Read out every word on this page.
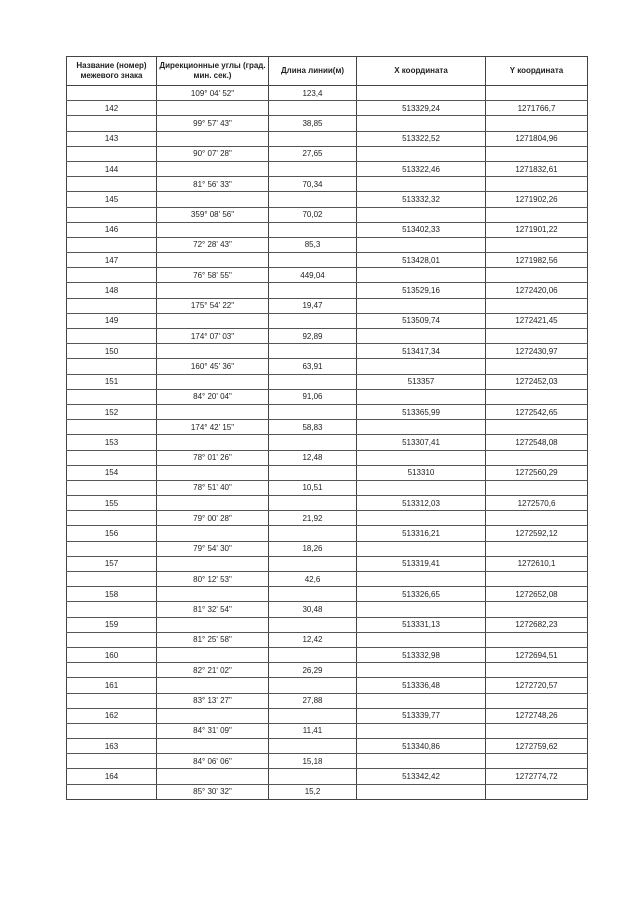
Название (номер) межевого знака	Дирекционные углы (град. мин. сек.)	Длина линии(м)	X координата	Y координата
	109° 04' 52"	123,4		
142			513329,24	1271766,7
	99° 57' 43"	38,85		
143			513322,52	1271804,96
	90° 07' 28"	27,65		
144			513322,46	1271832,61
	81° 56' 33"	70,34		
145			513332,32	1271902,26
	359° 08' 56"	70,02		
146			513402,33	1271901,22
	72° 28' 43"	85,3		
147			513428,01	1271982,56
	76° 58' 55"	449,04		
148			513529,16	1272420,06
	175° 54' 22"	19,47		
149			513509,74	1272421,45
	174° 07' 03"	92,89		
150			513417,34	1272430,97
	160° 45' 36"	63,91		
151			513357	1272452,03
	84° 20' 04"	91,06		
152			513365,99	1272542,65
	174° 42' 15"	58,83		
153			513307,41	1272548,08
	78° 01' 26"	12,48		
154			513310	1272560,29
	78° 51' 40"	10,51		
155			513312,03	1272570,6
	79° 00' 28"	21,92		
156			513316,21	1272592,12
	79° 54' 30"	18,26		
157			513319,41	1272610,1
	80° 12' 53"	42,6		
158			513326,65	1272652,08
	81° 32' 54"	30,48		
159			513331,13	1272682,23
	81° 25' 58"	12,42		
160			513332,98	1272694,51
	82° 21' 02"	26,29		
161			513336,48	1272720,57
	83° 13' 27"	27,88		
162			513339,77	1272748,26
	84° 31' 09"	11,41		
163			513340,86	1272759,62
	84° 06' 06"	15,18		
164			513342,42	1272774,72
	85° 30' 32"	15,2		
